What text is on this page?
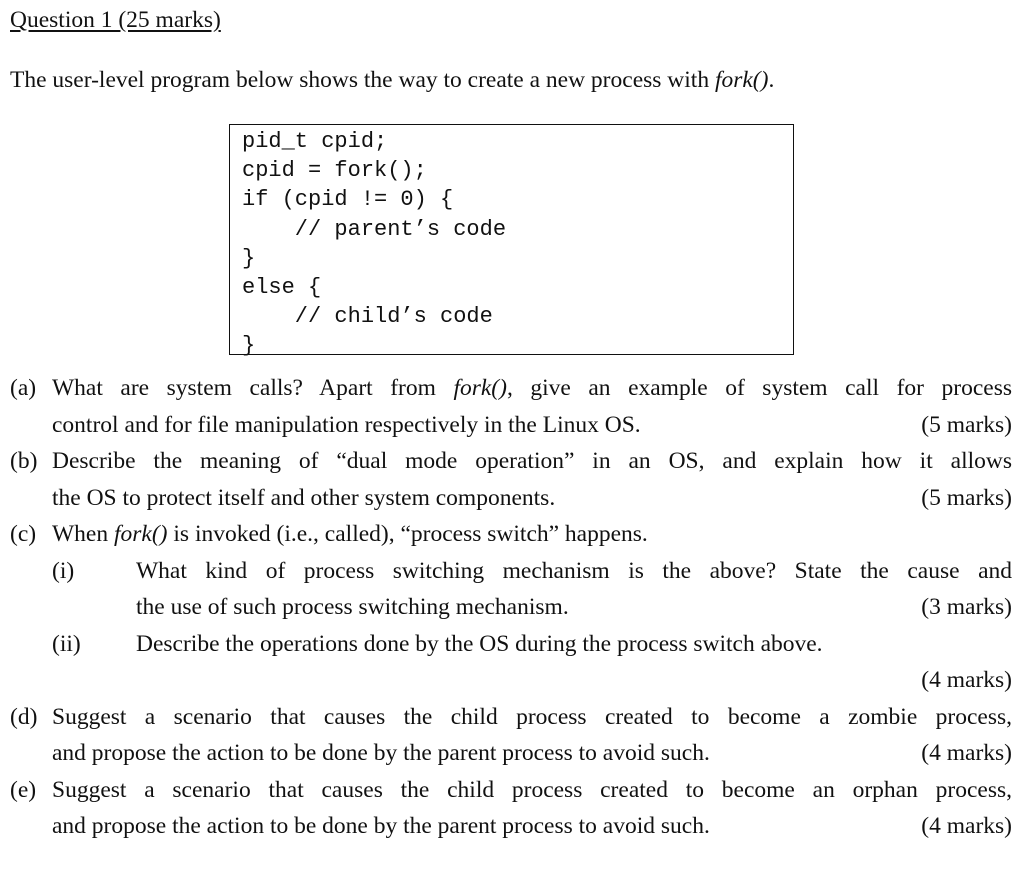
Question 1 (25 marks)
The user-level program below shows the way to create a new process with fork().
pid_t cpid;
cpid = fork();
if (cpid != 0) {
// parent’s code
}
else {
// child’s code
}
(a) What are system calls? Apart from fork(), give an example of system call for process
control and for file manipulation respectively in the Linux OS.	(5 marks)
(b) Describe the meaning of “dual mode operation” in an OS, and explain how it allows
the OS to protect itself and other system components.	(5 marks)
(c) When fork() is invoked (i.e., called), “process switch” happens.
(i)	What kind of process switching mechanism is the above? State the cause and
the use of such process switching mechanism.	(3 marks)
(ii) Describe the operations done by the OS during the process switch above.
(4 marks)
(d) Suggest a scenario that causes the child process created to become a zombie process,
and propose the action to be done by the parent process to avoid such.	(4 marks)
(e) Suggest a scenario that causes the child process created to become an orphan process,
and propose the action to be done by the parent process to avoid such.	(4 marks)
